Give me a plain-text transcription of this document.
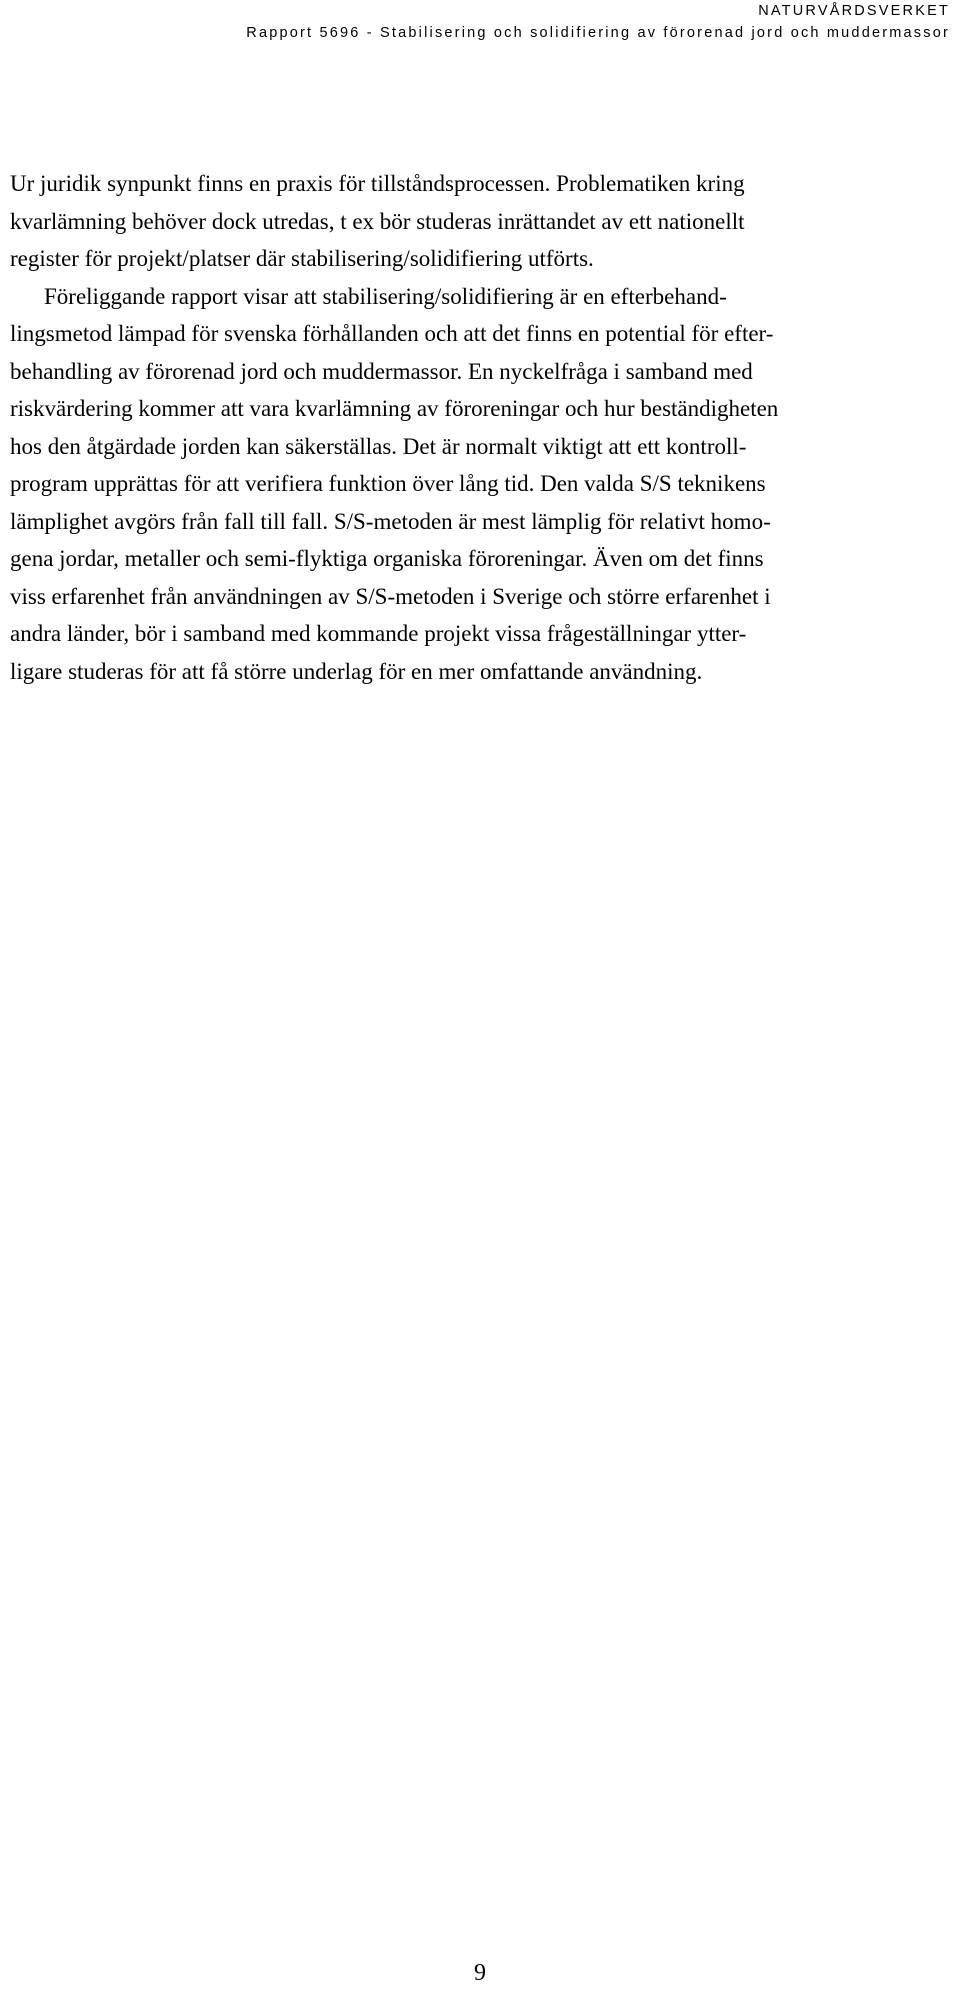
NATURVÅRDSVERKET
Rapport 5696 - Stabilisering och solidifiering av förorenad jord och muddermassor
Ur juridik synpunkt finns en praxis för tillståndsprocessen. Problematiken kring
kvarlämning behöver dock utredas, t ex bör studeras inrättandet av ett nationellt
register för projekt/platser där stabilisering/solidifiering utförts.
Föreliggande rapport visar att stabilisering/solidifiering är en efterbehand-
lingsmetod lämpad för svenska förhållanden och att det finns en potential för efter-
behandling av förorenad jord och muddermassor. En nyckelfråga i samband med
riskvärdering kommer att vara kvarlämning av föroreningar och hur beständigheten
hos den åtgärdade jorden kan säkerställas. Det är normalt viktigt att ett kontroll-
program upprättas för att verifiera funktion över lång tid. Den valda S/S teknikens
lämplighet avgörs från fall till fall. S/S-metoden är mest lämplig för relativt homo-
gena jordar, metaller och semi-flyktiga organiska föroreningar. Även om det finns
viss erfarenhet från användningen av S/S-metoden i Sverige och större erfarenhet i
andra länder, bör i samband med kommande projekt vissa frågeställningar ytter-
ligare studeras för att få större underlag för en mer omfattande användning.
9
